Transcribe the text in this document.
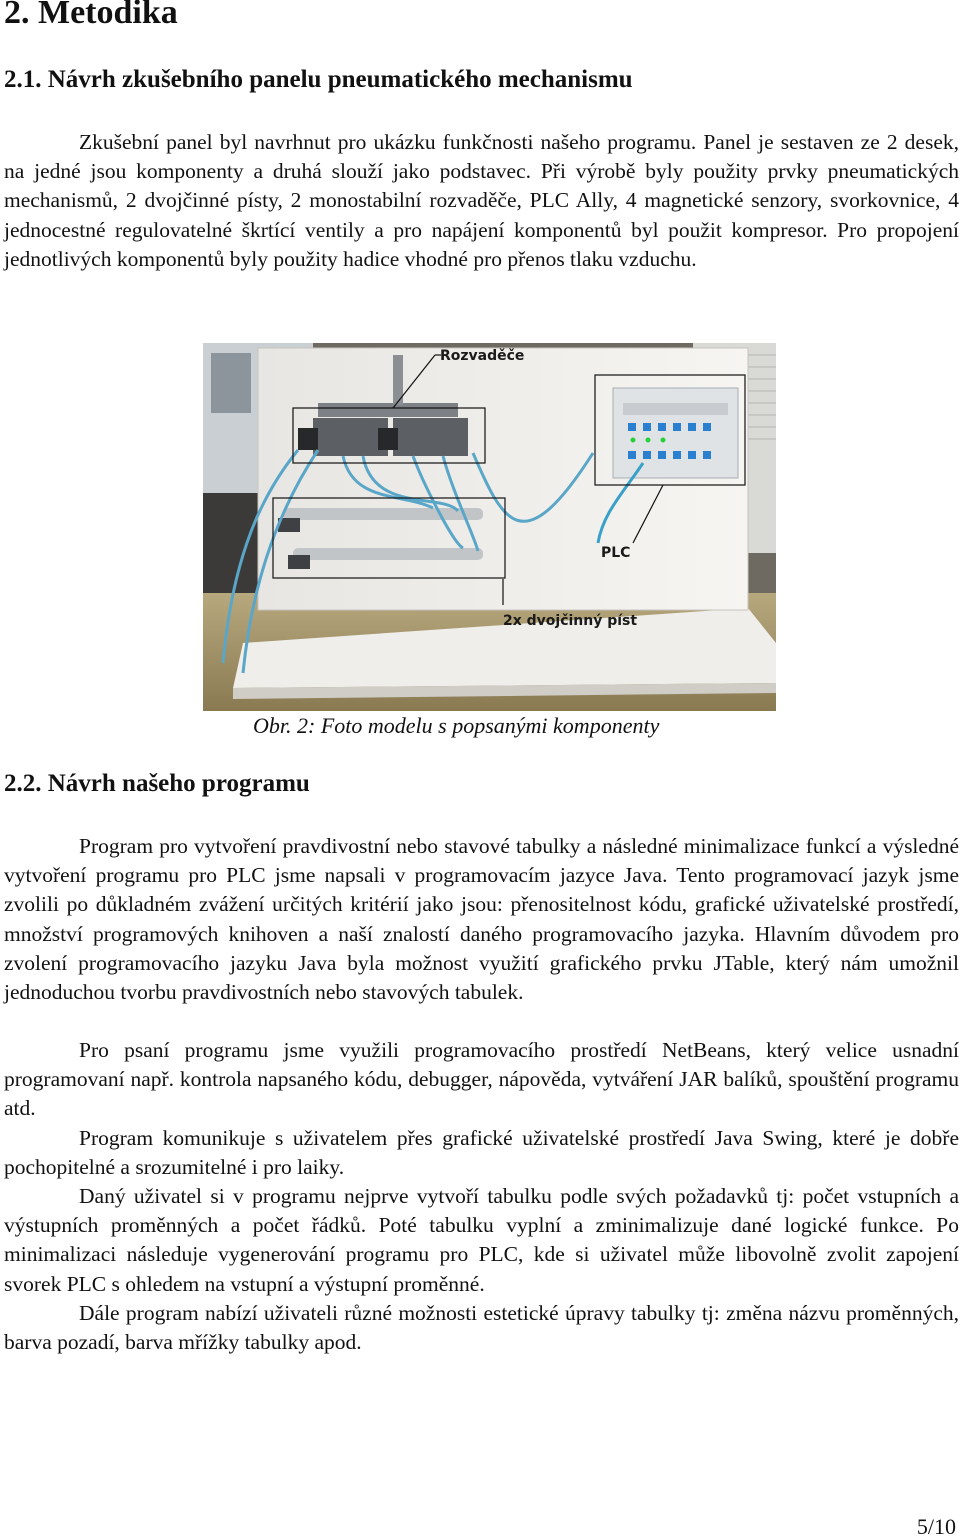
2. Metodika
2.1. Návrh zkušebního panelu pneumatického mechanismu

Zkušební panel byl navrhnut pro ukázku funkčnosti našeho programu. Panel je sestaven ze 2 desek, na jedné jsou komponenty a druhá slouží jako podstavec. Při výrobě byly použity prvky pneumatických mechanismů, 2 dvojčinné písty, 2 monostabilní rozvaděče, PLC Ally, 4 magnetické senzory, svorkovnice, 4 jednocestné regulovatelné škrtící ventily a pro napájení komponentů byl použit kompresor. Pro propojení jednotlivých komponentů byly použity hadice vhodné pro přenos tlaku vzduchu.

Rozvaděče
PLC
2x dvojčinný píst
Obr. 2: Foto modelu s popsanými komponenty
2.2. Návrh našeho programu

Program pro vytvoření pravdivostní nebo stavové tabulky a následné minimalizace funkcí a výsledné vytvoření programu pro PLC jsme napsali v programovacím jazyce Java. Tento programovací jazyk jsme zvolili po důkladném zvážení určitých kritérií jako jsou: přenositelnost kódu, grafické uživatelské prostředí, množství programových knihoven a naší znalostí daného programovacího jazyka. Hlavním důvodem pro zvolení programovacího jazyku Java byla možnost využití grafického prvku JTable, který nám umožnil jednoduchou tvorbu pravdivostních nebo stavových tabulek.

Pro psaní programu jsme využili programovacího prostředí NetBeans, který velice usnadní programovaní např. kontrola napsaného kódu, debugger, nápověda, vytváření JAR balíků, spouštění programu atd.

Program komunikuje s uživatelem přes grafické uživatelské prostředí Java Swing, které je dobře pochopitelné a srozumitelné i pro laiky.

Daný uživatel si v programu nejprve vytvoří tabulku podle svých požadavků tj: počet vstupních a výstupních proměnných a počet řádků. Poté tabulku vyplní a zminimalizuje dané logické funkce. Po minimalizaci následuje vygenerování programu pro PLC, kde si uživatel může libovolně zvolit zapojení svorek PLC s ohledem na vstupní a výstupní proměnné.

Dále program nabízí uživateli různé možnosti estetické úpravy tabulky tj: změna názvu proměnných, barva pozadí, barva mřížky tabulky apod.

5/10
